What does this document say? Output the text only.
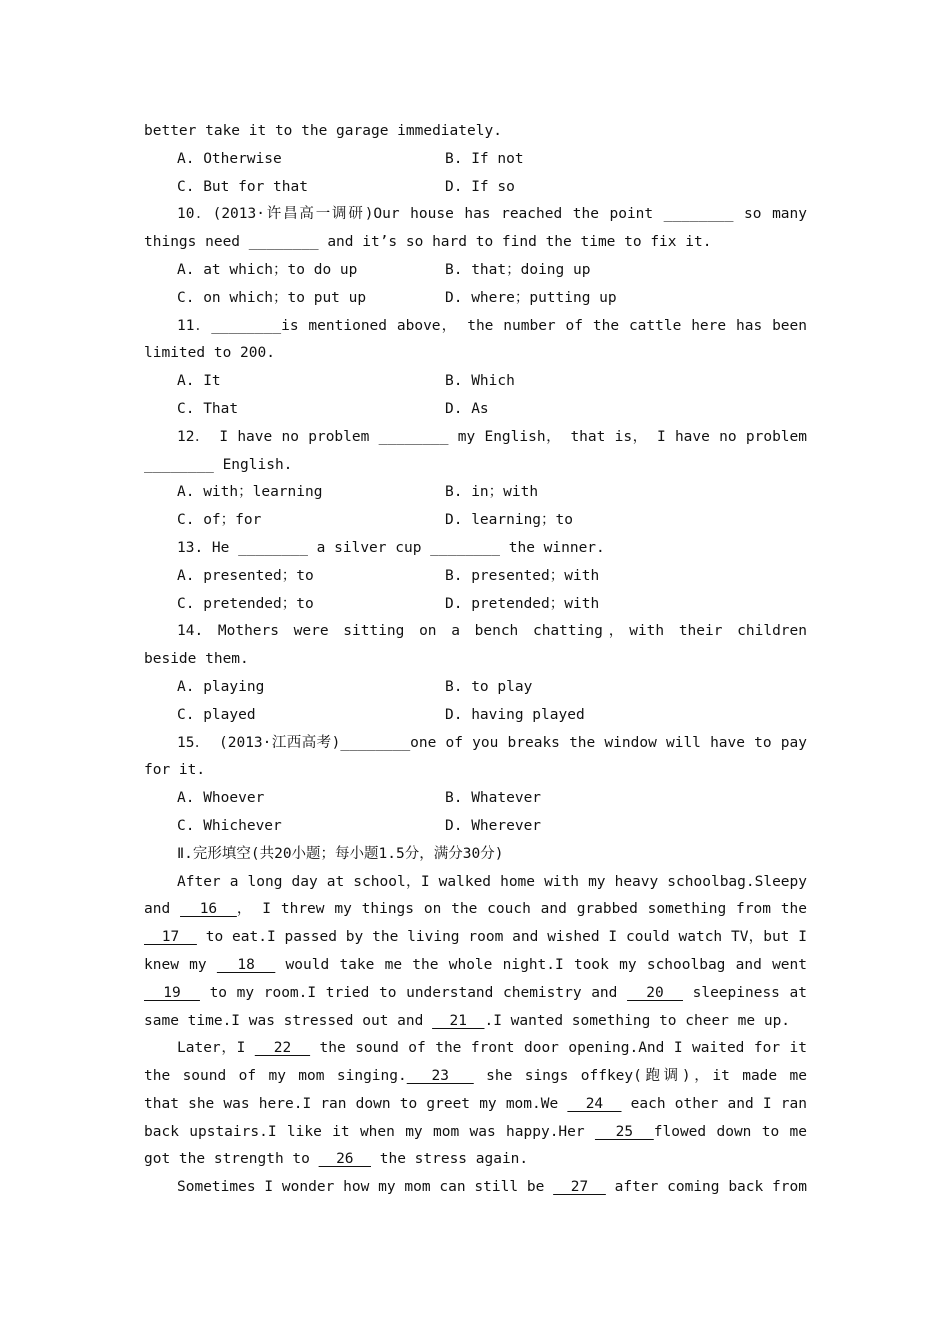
better take it to the garage immediately.
A. Otherwise	B. If not
C. But for that	D. If so
10．(2013·许昌高一调研)Our house has reached the point ________ so many
things need ________ and it’s so hard to find the time to fix it.
A. at which；to do up	B. that；doing up
C. on which；to put up	D. where；putting up
11．________is mentioned above， the number of the cattle here has been
limited to 200.
A. It	B. Which
C. That	D. As
12． I have no problem ________ my English， that is， I have no problem
________ English.
A. with；learning	B. in；with
C. of；for	D. learning；to
13. He ________ a silver cup ________ the winner.
A. presented；to	B. presented；with
C. pretended；to	D. pretended；with
14. Mothers were sitting on a bench chatting，with their children
beside them.
A. playing	B. to play
C. played	D. having played
15． (2013·江西高考)________one of you breaks the window will have to pay
for it.
A. Whoever	B. Whatever
C. Whichever	D. Wherever
Ⅱ.完形填空(共20小题；每小题1.5分，满分30分)
After a long day at school，I walked home with my heavy schoolbag.Sleepy
and   16  ， I threw my things on the couch and grabbed something from the
17   to eat.I passed by the living room and wished I could watch TV，but I
knew my   18   would take me the whole night.I took my schoolbag and went
19   to my room.I tried to understand chemistry and   20   sleepiness at
same time.I was stressed out and   21  .I wanted something to cheer me up.
Later，I   22   the sound of the front door opening.And I waited for it
the sound of my mom singing.  23   she sings offkey(跑调)，it made me
that she was here.I ran down to greet my mom.We   24   each other and I ran
back upstairs.I like it when my mom was happy.Her   25  flowed down to me
got the strength to   26   the stress again.
Sometimes I wonder how my mom can still be   27   after coming back from
